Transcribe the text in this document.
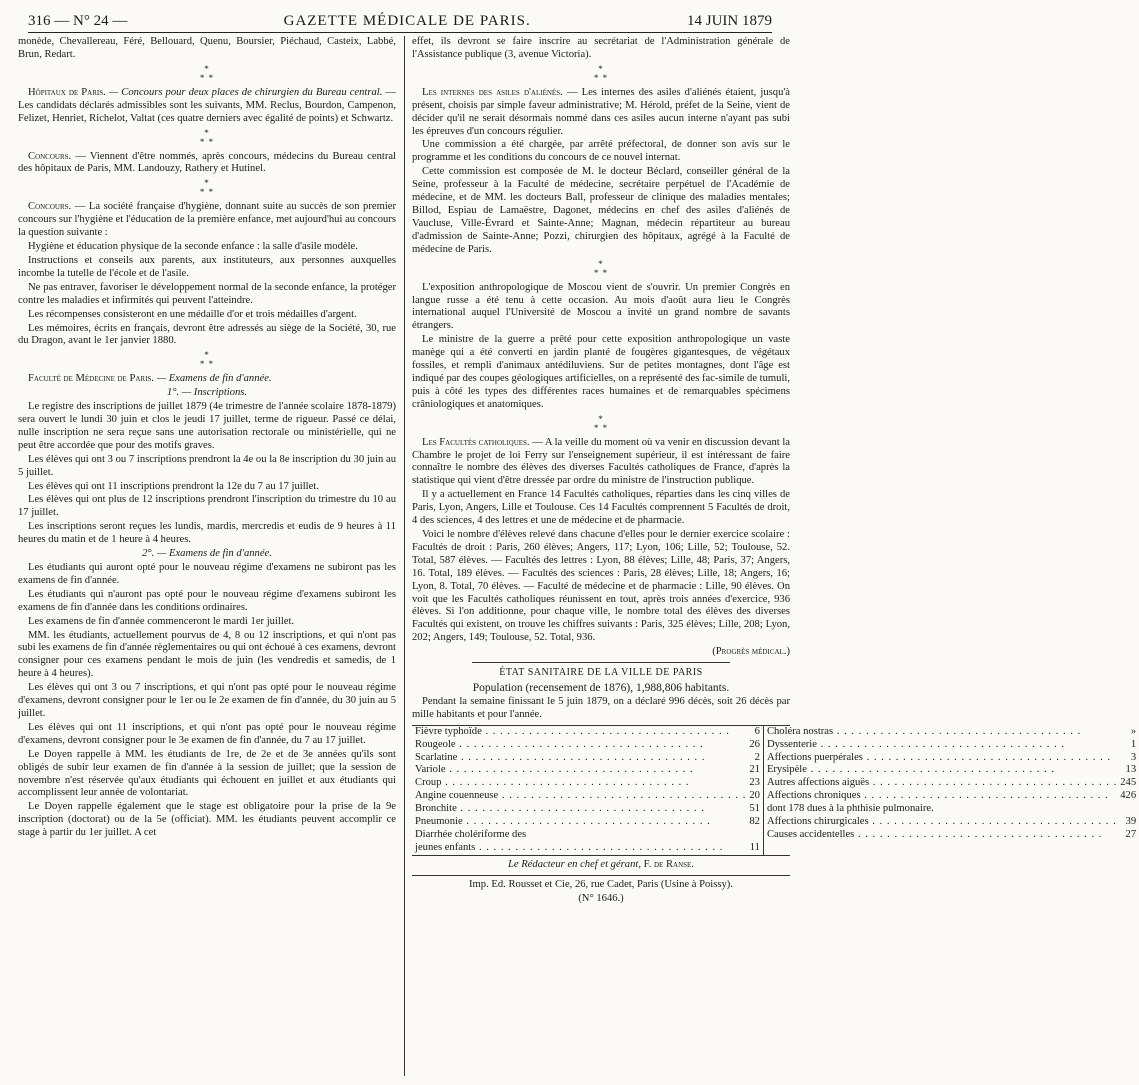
316 — N° 24 —	GAZETTE MÉDICALE DE PARIS.	14 JUIN 1879

monède, Chevallereau, Féré, Bellouard, Quenu, Boursier, Piéchaud, Casteix, Labbé, Brun, Redart.

*
* *

Hôpitaux de Paris. — Concours pour deux places de chirurgien du Bureau central. — Les candidats déclarés admissibles sont les suivants, MM. Reclus, Bourdon, Campenon, Felizet, Henriet, Richelot, Valtat (ces quatre derniers avec égalité de points) et Schwartz.

*
* *

Concours. — Viennent d'être nommés, après concours, médecins du Bureau central des hôpitaux de Paris, MM. Landouzy, Rathery et Hutinel.

*
* *

Concours. — La société française d'hygiène, donnant suite au succès de son premier concours sur l'hygiène et l'éducation de la première enfance, met aujourd'hui au concours la question suivante :

Hygiène et éducation physique de la seconde enfance : la salle d'asile modèle.

Instructions et conseils aux parents, aux instituteurs, aux personnes auxquelles incombe la tutelle de l'école et de l'asile.

Ne pas entraver, favoriser le développement normal de la seconde enfance, la protéger contre les maladies et infirmités qui peuvent l'atteindre.

Les récompenses consisteront en une médaille d'or et trois médailles d'argent.

Les mémoires, écrits en français, devront être adressés au siège de la Société, 30, rue du Dragon, avant le 1er janvier 1880.

*
* *

Faculté de Médecine de Paris. — Examens de fin d'année.

1°. — Inscriptions.

Le registre des inscriptions de juillet 1879 (4e trimestre de l'année scolaire 1878-1879) sera ouvert le lundi 30 juin et clos le jeudi 17 juillet, terme de rigueur. Passé ce délai, nulle inscription ne sera reçue sans une autorisation rectorale ou ministérielle, qui ne peut être accordée que pour des motifs graves.

Les élèves qui ont 3 ou 7 inscriptions prendront la 4e ou la 8e inscription du 30 juin au 5 juillet.

Les élèves qui ont 11 inscriptions prendront la 12e du 7 au 17 juillet.

Les élèves qui ont plus de 12 inscriptions prendront l'inscription du trimestre du 10 au 17 juillet.

Les inscriptions seront reçues les lundis, mardis, mercredis et eudis de 9 heures à 11 heures du matin et de 1 heure à 4 heures.

2°. — Examens de fin d'année.

Les étudiants qui auront opté pour le nouveau régime d'examens ne subiront pas les examens de fin d'année.

Les étudiants qui n'auront pas opté pour le nouveau régime d'examens subiront les examens de fin d'année dans les conditions ordinaires.

Les examens de fin d'année commenceront le mardi 1er juillet.

MM. les étudiants, actuellement pourvus de 4, 8 ou 12 inscriptions, et qui n'ont pas subi les examens de fin d'année règlementaires ou qui ont échoué à ces examens, devront consigner pour ces examens pendant le mois de juin (les vendredis et samedis, de 1 heure à 4 heures).

Les élèves qui ont 3 ou 7 inscriptions, et qui n'ont pas opté pour le nouveau régime d'examens, devront consigner pour le 1er ou le 2e examen de fin d'année, du 30 juin au 5 juillet.

Les élèves qui ont 11 inscriptions, et qui n'ont pas opté pour le nouveau régime d'examens, devront consigner pour le 3e examen de fin d'année, du 7 au 17 juillet.

Le Doyen rappelle à MM. les étudiants de 1re, de 2e et de 3e années qu'ils sont obligés de subir leur examen de fin d'année à la session de juillet; que la session de novembre n'est réservée qu'aux étudiants qui échouent en juillet et aux étudiants qui accomplissent leur année de volontariat.

Le Doyen rappelle également que le stage est obligatoire pour la prise de la 9e inscription (doctorat) ou de la 5e (officiat). MM. les étudiants peuvent accomplir ce stage à partir du 1er juillet. A cet

effet, ils devront se faire inscrire au secrétariat de l'Administration générale de l'Assistance publique (3, avenue Victoria).

*
* *

Les internes des asiles d'aliénés. — Les internes des asiles d'aliénés étaient, jusqu'à présent, choisis par simple faveur administrative; M. Hérold, préfet de la Seine, vient de décider qu'il ne serait désormais nommé dans ces asiles aucun interne n'ayant pas subi les épreuves d'un concours régulier.

Une commission a été chargée, par arrêté préfectoral, de donner son avis sur le programme et les conditions du concours de ce nouvel internat.

Cette commission est composée de M. le docteur Béclard, conseiller général de la Seine, professeur à la Faculté de médecine, secrétaire perpétuel de l'Académie de médecine, et de MM. les docteurs Ball, professeur de clinique des maladies mentales; Billod, Espiau de Lamaëstre, Dagonet, médecins en chef des asiles d'aliénés de Vaucluse, Ville-Évrard et Sainte-Anne; Magnan, médecin répartiteur au bureau d'admission de Sainte-Anne; Pozzi, chirurgien des hôpitaux, agrégé à la Faculté de médecine de Paris.

*
* *

L'exposition anthropologique de Moscou vient de s'ouvrir. Un premier Congrès en langue russe a été tenu à cette occasion. Au mois d'août aura lieu le Congrès international auquel l'Université de Moscou a invité un grand nombre de savants étrangers.

Le ministre de la guerre a prêté pour cette exposition anthropologique un vaste manège qui a été converti en jardin planté de fougères gigantesques, de végétaux fossiles, et rempli d'animaux antédiluviens. Sur de petites montagnes, dont l'âge est indiqué par des coupes géologiques artificielles, on a représenté des fac-simile de tumuli, puis à côté les types des différentes races humaines et de remarquables spécimens crâniologiques et anatomiques.

*
* *

Les Facultés catholiques. — A la veille du moment où va venir en discussion devant la Chambre le projet de loi Ferry sur l'enseignement supérieur, il est intéressant de faire connaître le nombre des élèves des diverses Facultés catholiques de France, d'après la statistique qui vient d'être dressée par ordre du ministre de l'instruction publique.

Il y a actuellement en France 14 Facultés catholiques, réparties dans les cinq villes de Paris, Lyon, Angers, Lille et Toulouse. Ces 14 Facultés comprennent 5 Facultés de droit, 4 des sciences, 4 des lettres et une de médecine et de pharmacie.

Voici le nombre d'élèves relevé dans chacune d'elles pour le dernier exercice scolaire : Facultés de droit : Paris, 260 élèves; Angers, 117; Lyon, 106; Lille, 52; Toulouse, 52. Total, 587 élèves. — Facultés des lettres : Lyon, 88 élèves; Lille, 48; Paris, 37; Angers, 16. Total, 189 élèves. — Facultés des sciences : Paris, 28 élèves; Lille, 18; Angers, 16; Lyon, 8. Total, 70 élèves. — Faculté de médecine et de pharmacie : Lille, 90 élèves. On voit que les Facultés catholiques réunissent en tout, après trois années d'exercice, 936 élèves. Si l'on additionne, pour chaque ville, le nombre total des élèves des diverses Facultés qui existent, on trouve les chiffres suivants : Paris, 325 élèves; Lille, 208; Lyon, 202; Angers, 149; Toulouse, 52. Total, 936.

(Progrès médical.)

ÉTAT SANITAIRE DE LA VILLE DE PARIS

Population (recensement de 1876), 1,988,806 habitants.

Pendant la semaine finissant le 5 juin 1879, on a déclaré 996 décès, soit 26 décès par mille habitants et pour l'année.

Fièvre typhoïde . . .	6
Rougeole . . .	26
Scarlatine . . .	2
Variole . . .	21
Croup . . .	23
Angine couenneuse . . .	20
Bronchite . . .	51
Pneumonie . . .	82
Diarrhée cholériforme des
jeunes enfants . . .	11
Choléra nostras . . .	»
Dyssenterie . . .	1
Affections puerpérales . . .	3
Erysipèle . . .	13
Autres affections aiguës . . .	245
Affections chroniques . . .	426
dont 178 dues à la phthisie pulmonaire.
Affections chirurgicales . . .	39
Causes accidentelles . . .	27

Le Rédacteur en chef et gérant, F. de Ranse.

Imp. Ed. Rousset et Cie, 26, rue Cadet, Paris (Usine à Poissy).

(N° 1646.)
